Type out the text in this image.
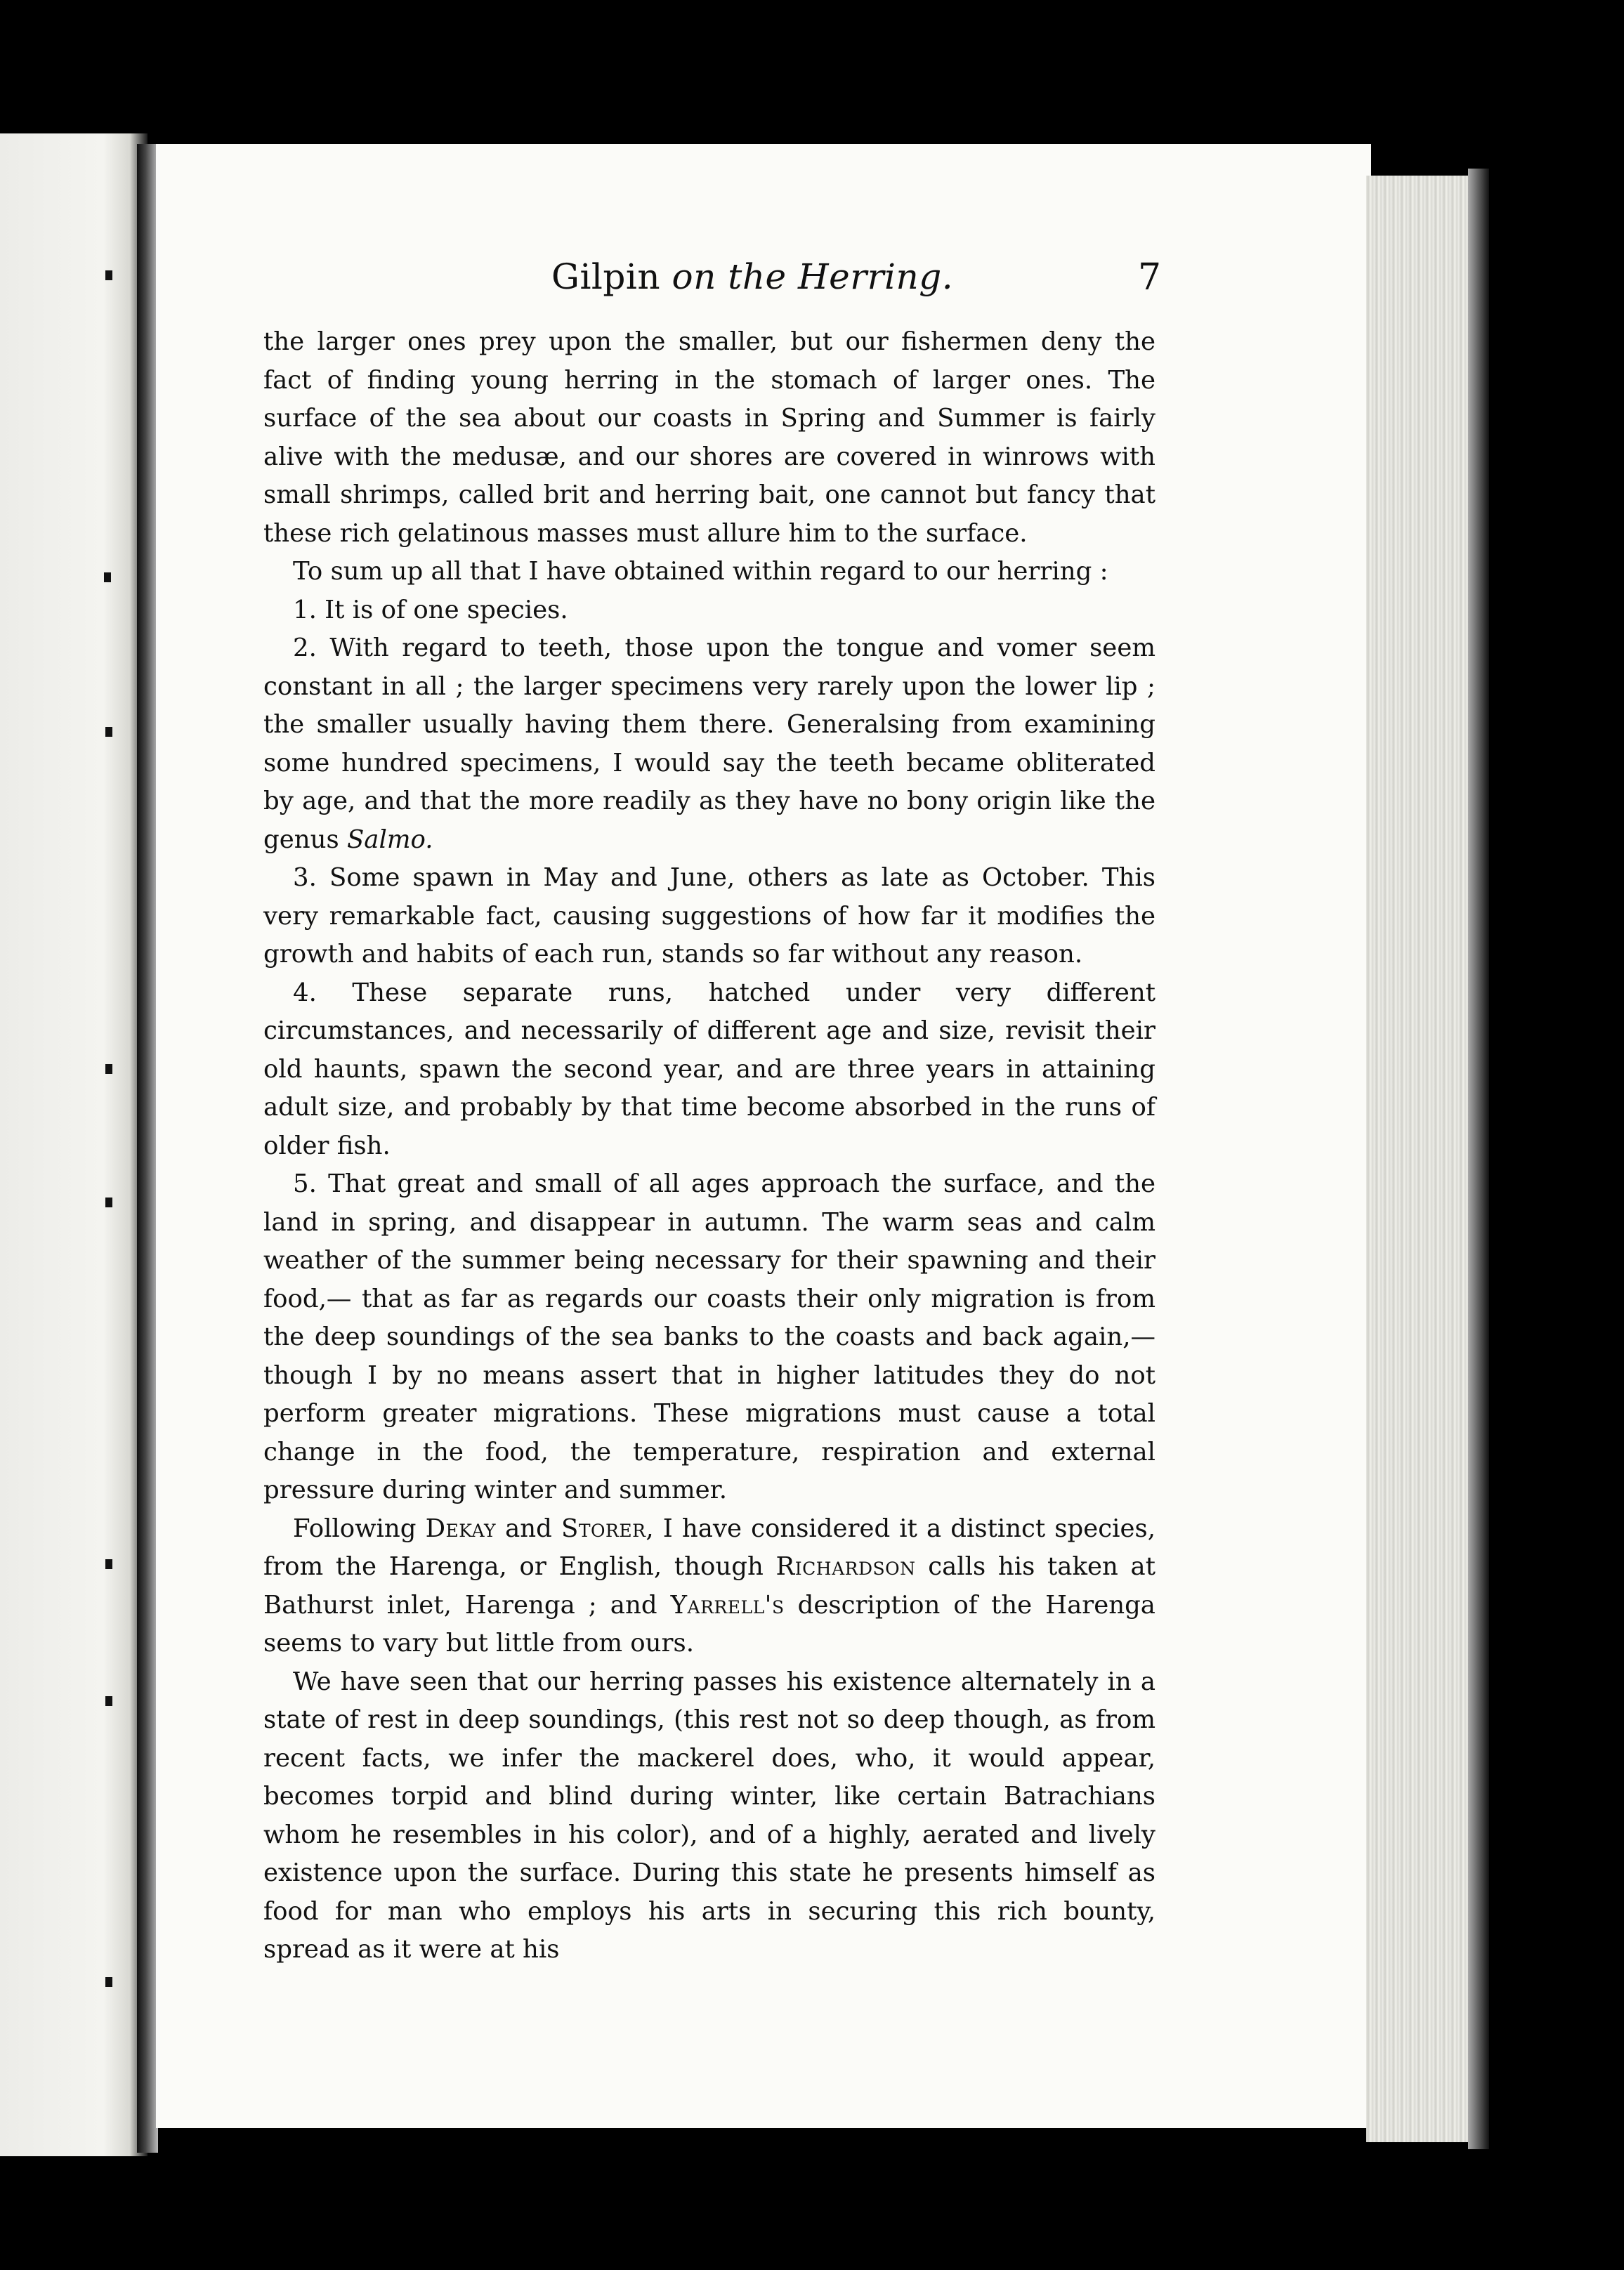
Gilpin on the Herring.	7

the larger ones prey upon the smaller, but our fishermen deny the fact of finding young herring in the stomach of larger ones. The surface of the sea about our coasts in Spring and Summer is fairly alive with the medusæ, and our shores are covered in winrows with small shrimps, called brit and herring bait, one cannot but fancy that these rich gelatinous masses must allure him to the surface.

To sum up all that I have obtained within regard to our herring :

1. It is of one species.

2. With regard to teeth, those upon the tongue and vomer seem constant in all ; the larger specimens very rarely upon the lower lip ; the smaller usually having them there. Generalsing from examining some hundred specimens, I would say the teeth became obliterated by age, and that the more readily as they have no bony origin like the genus Salmo.

3. Some spawn in May and June, others as late as October. This very remarkable fact, causing suggestions of how far it modifies the growth and habits of each run, stands so far without any reason.

4. These separate runs, hatched under very different circumstances, and necessarily of different age and size, revisit their old haunts, spawn the second year, and are three years in attaining adult size, and probably by that time become absorbed in the runs of older fish.

5. That great and small of all ages approach the surface, and the land in spring, and disappear in autumn. The warm seas and calm weather of the summer being necessary for their spawning and their food,— that as far as regards our coasts their only migration is from the deep soundings of the sea banks to the coasts and back again,—though I by no means assert that in higher latitudes they do not perform greater migrations. These migrations must cause a total change in the food, the temperature, respiration and external pressure during winter and summer.

Following Dekay and Storer, I have considered it a distinct species, from the Harenga, or English, though Richardson calls his taken at Bathurst inlet, Harenga ; and Yarrell's description of the Harenga seems to vary but little from ours.

We have seen that our herring passes his existence alternately in a state of rest in deep soundings, (this rest not so deep though, as from recent facts, we infer the mackerel does, who, it would appear, becomes torpid and blind during winter, like certain Batrachians whom he resembles in his color), and of a highly, aerated and lively existence upon the surface. During this state he presents himself as food for man who employs his arts in securing this rich bounty, spread as it were at his
